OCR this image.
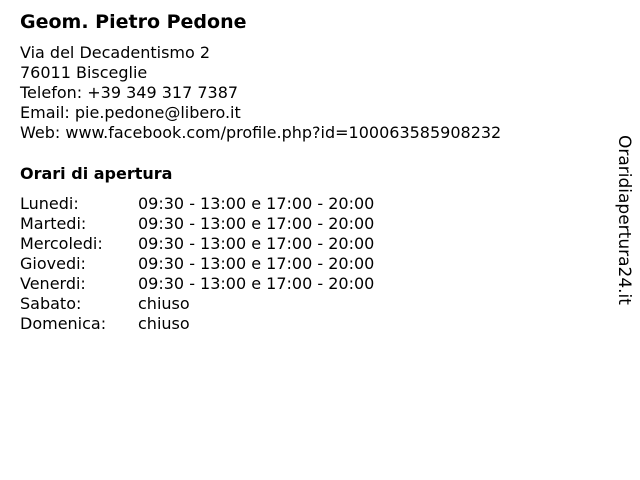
Geom. Pietro Pedone
Via del Decadentismo 2
76011 Bisceglie
Telefon: +39 349 317 7387
Email: pie.pedone@libero.it
Web: www.facebook.com/profile.php?id=100063585908232
Orari di apertura
Lunedi:	09:30 - 13:00 e 17:00 - 20:00
Martedi:	09:30 - 13:00 e 17:00 - 20:00
Mercoledi:	09:30 - 13:00 e 17:00 - 20:00
Giovedi:	09:30 - 13:00 e 17:00 - 20:00
Venerdi:	09:30 - 13:00 e 17:00 - 20:00
Sabato:	chiuso
Domenica:	chiuso
Oraridiapertura24.it
